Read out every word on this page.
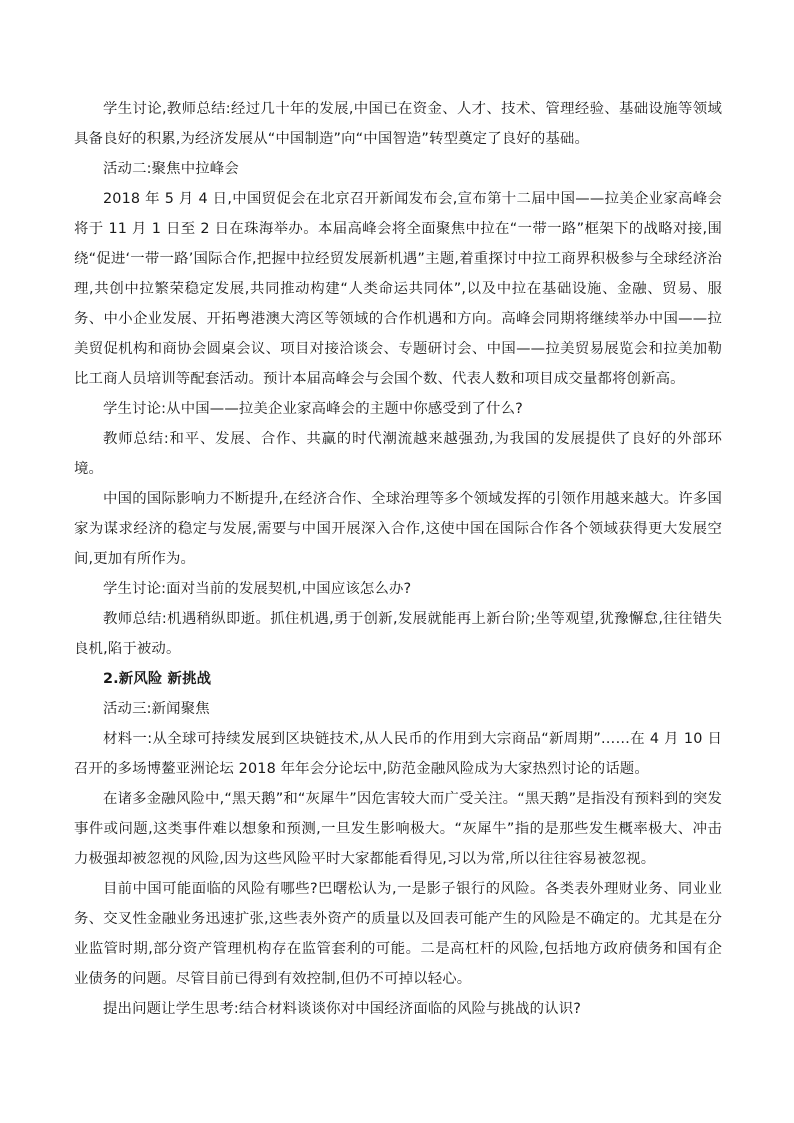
学生讨论,教师总结:经过几十年的发展,中国已在资金、人才、技术、管理经验、基础设施等领域具备良好的积累,为经济发展从“中国制造”向“中国智造”转型奠定了良好的基础。

活动二:聚焦中拉峰会

2018 年 5 月 4 日,中国贸促会在北京召开新闻发布会,宣布第十二届中国——拉美企业家高峰会将于 11 月 1 日至 2 日在珠海举办。本届高峰会将全面聚焦中拉在“一带一路”框架下的战略对接,围绕“促进‘一带一路’国际合作,把握中拉经贸发展新机遇”主题,着重探讨中拉工商界积极参与全球经济治理,共创中拉繁荣稳定发展,共同推动构建“人类命运共同体”,以及中拉在基础设施、金融、贸易、服务、中小企业发展、开拓粤港澳大湾区等领域的合作机遇和方向。高峰会同期将继续举办中国——拉美贸促机构和商协会圆桌会议、项目对接洽谈会、专题研讨会、中国——拉美贸易展览会和拉美加勒比工商人员培训等配套活动。预计本届高峰会与会国个数、代表人数和项目成交量都将创新高。

学生讨论:从中国——拉美企业家高峰会的主题中你感受到了什么?

教师总结:和平、发展、合作、共赢的时代潮流越来越强劲,为我国的发展提供了良好的外部环境。

中国的国际影响力不断提升,在经济合作、全球治理等多个领域发挥的引领作用越来越大。许多国家为谋求经济的稳定与发展,需要与中国开展深入合作,这使中国在国际合作各个领域获得更大发展空间,更加有所作为。

学生讨论:面对当前的发展契机,中国应该怎么办?

教师总结:机遇稍纵即逝。抓住机遇,勇于创新,发展就能再上新台阶;坐等观望,犹豫懈怠,往往错失良机,陷于被动。

2.新风险 新挑战

活动三:新闻聚焦

材料一:从全球可持续发展到区块链技术,从人民币的作用到大宗商品“新周期”……在 4 月 10 日召开的多场博鳌亚洲论坛 2018 年年会分论坛中,防范金融风险成为大家热烈讨论的话题。

在诸多金融风险中,“黑天鹅”和“灰犀牛”因危害较大而广受关注。“黑天鹅”是指没有预料到的突发事件或问题,这类事件难以想象和预测,一旦发生影响极大。“灰犀牛”指的是那些发生概率极大、冲击力极强却被忽视的风险,因为这些风险平时大家都能看得见,习以为常,所以往往容易被忽视。

目前中国可能面临的风险有哪些?巴曙松认为,一是影子银行的风险。各类表外理财业务、同业业务、交叉性金融业务迅速扩张,这些表外资产的质量以及回表可能产生的风险是不确定的。尤其是在分业监管时期,部分资产管理机构存在监管套利的可能。二是高杠杆的风险,包括地方政府债务和国有企业债务的问题。尽管目前已得到有效控制,但仍不可掉以轻心。

提出问题让学生思考:结合材料谈谈你对中国经济面临的风险与挑战的认识?
